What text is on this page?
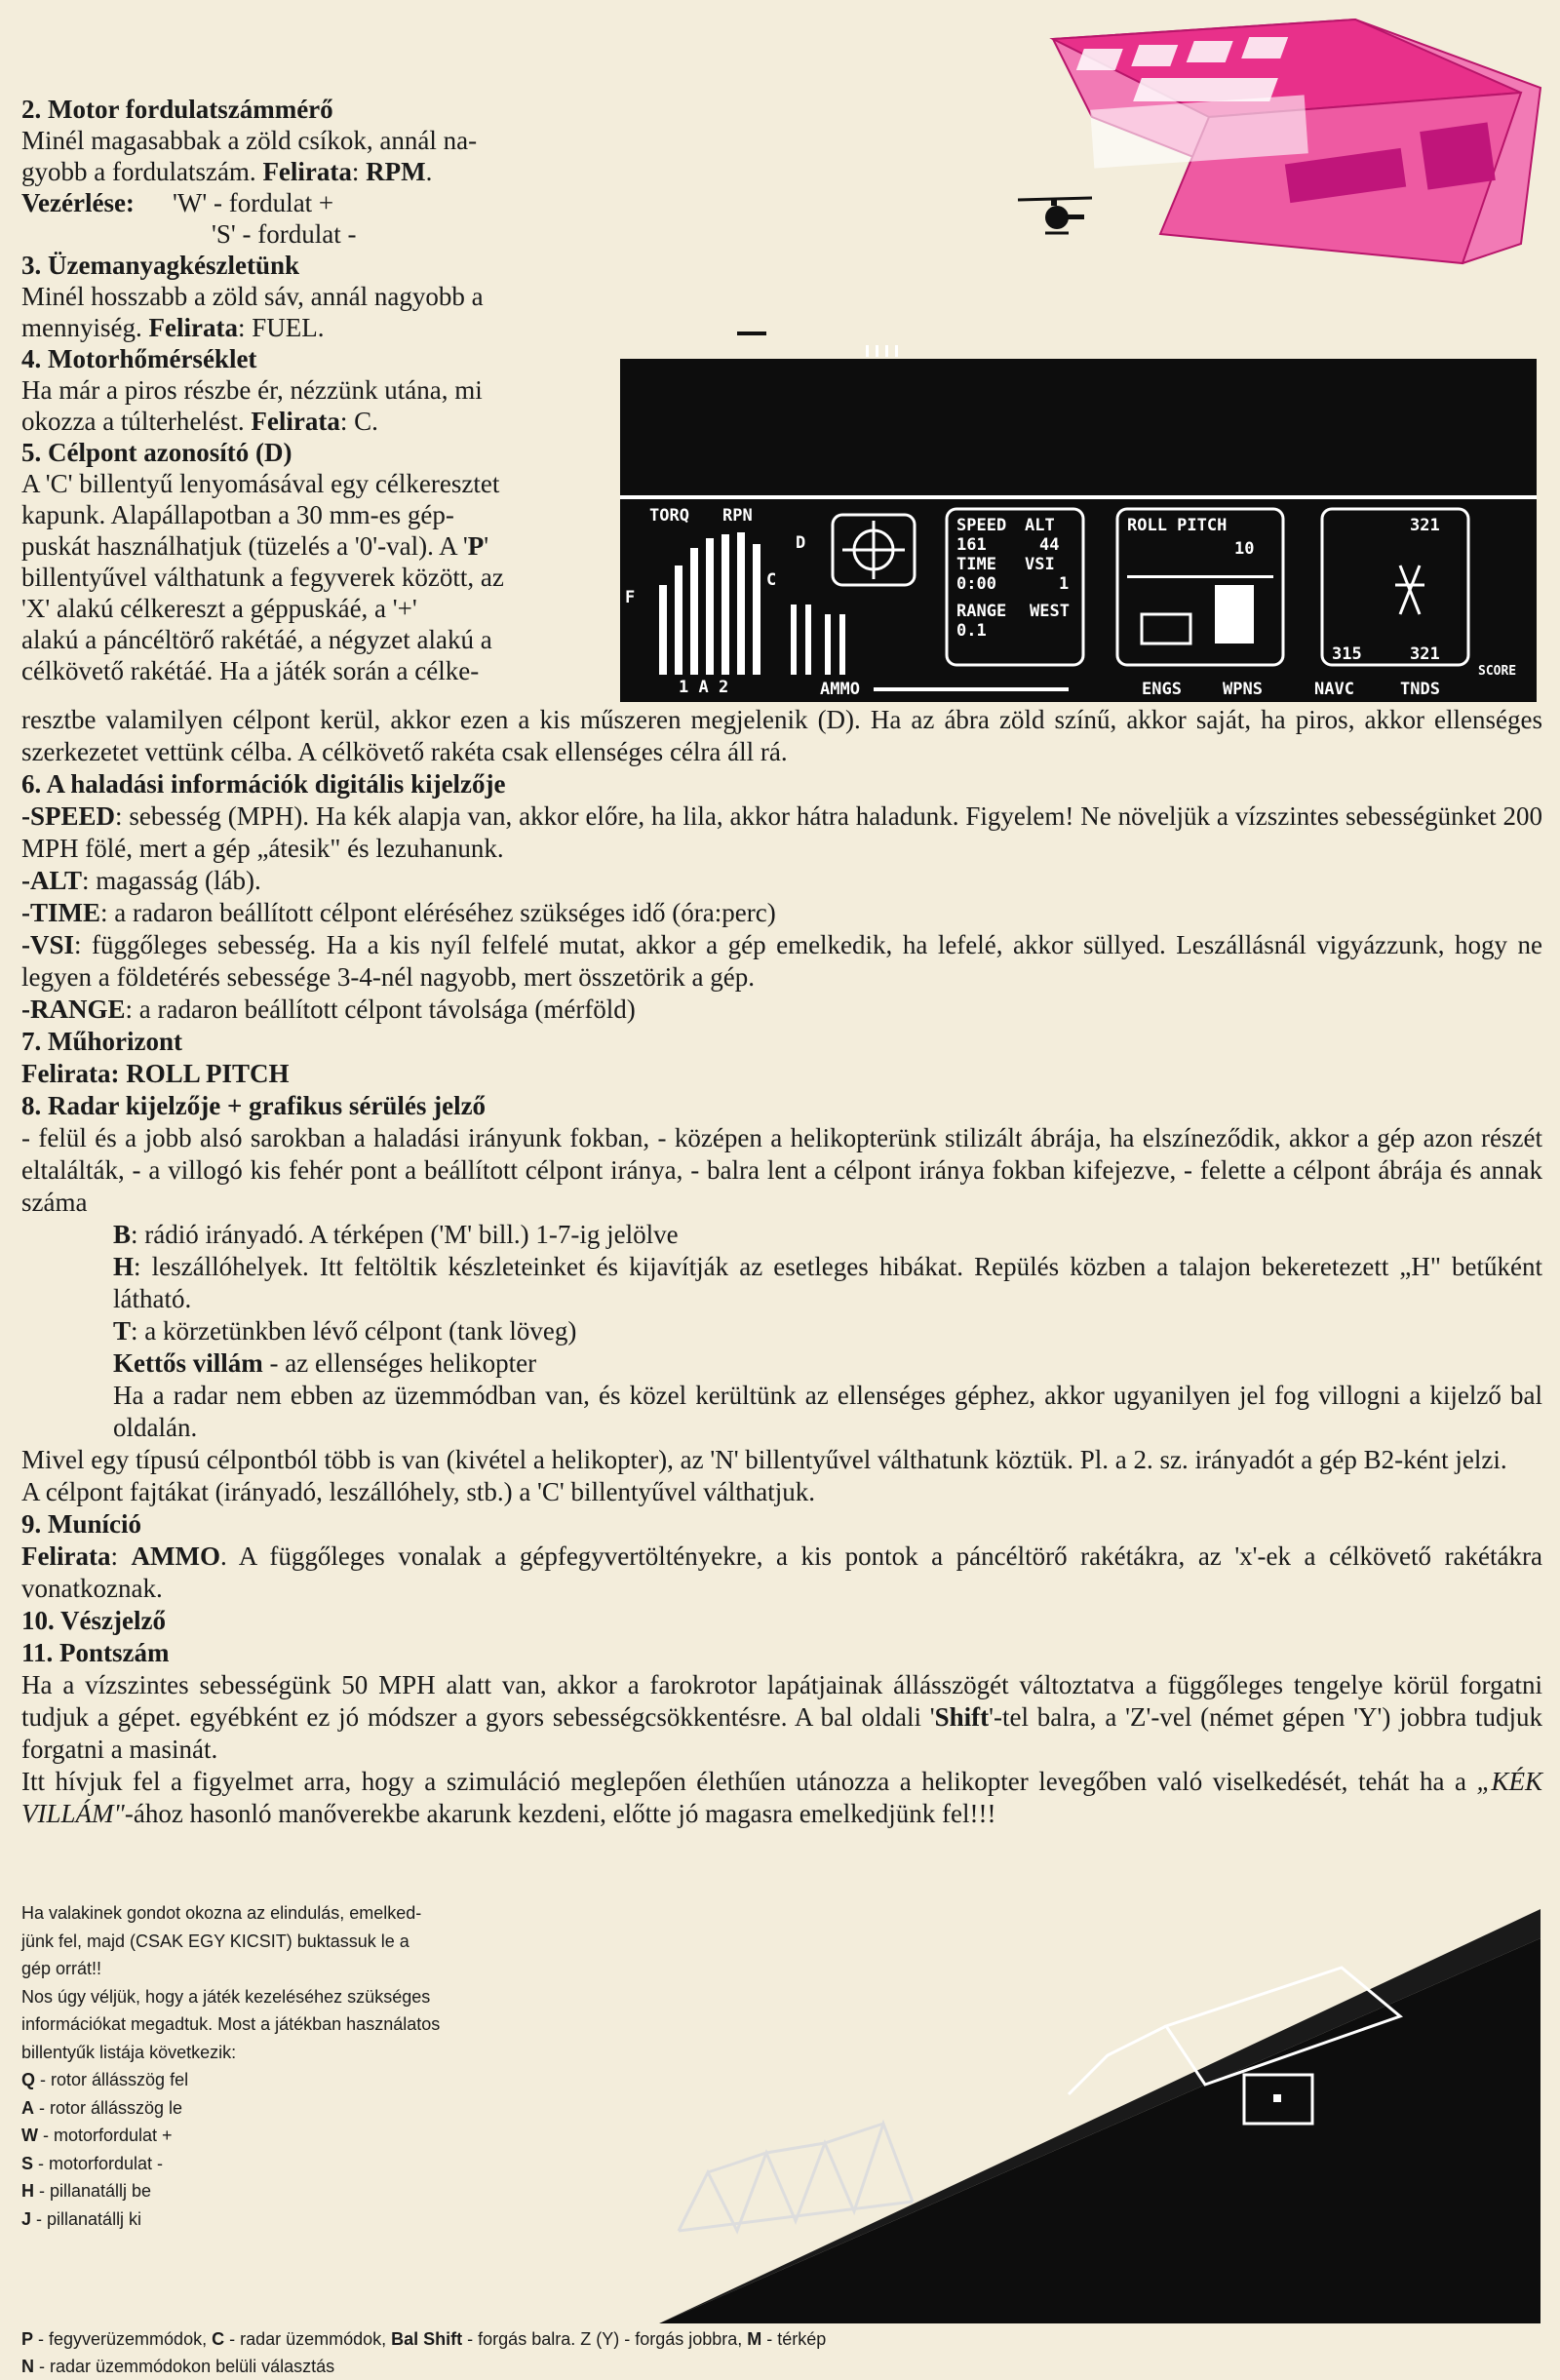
2. Motor fordulatszámmérő

Minél magasabbak a zöld csíkok, annál na-

gyobb a fordulatszám. Felirata: RPM.

Vezérlése: 'W' - fordulat +

'S' - fordulat -

3. Üzemanyagkészletünk

Minél hosszabb a zöld sáv, annál nagyobb a

mennyiség. Felirata: FUEL.

4. Motorhőmérséklet

Ha már a piros részbe ér, nézzünk utána, mi

okozza a túlterhelést. Felirata: C.

5. Célpont azonosító (D)

A 'C' billentyű lenyomásával egy célkeresztet

kapunk. Alapállapotban a 30 mm-es gép-

puskát használhatjuk (tüzelés a '0'-val). A 'P'

billentyűvel válthatunk a fegyverek között, az

'X' alakú célkereszt a géppuskáé, a '+'

alakú a páncéltörő rakétáé, a négyzet alakú a

célkövető rakétáé. Ha a játék során a célke-

TORQ RPN
F
C
D
1 A 2
SPEED ALT
161	44
TIME VSI
0:00	1
RANGE WEST
0.1
ROLL PITCH
10
321
315	321
SCORE
AMMO	ENGS WPNS	NAVC	TNDS

resztbe valamilyen célpont kerül, akkor ezen a kis műszeren megjelenik (D). Ha az ábra zöld színű, akkor saját, ha piros, akkor ellenséges szerkezetet vettünk célba. A célkövető rakéta csak ellenséges célra áll rá.

6. A haladási információk digitális kijelzője

-SPEED: sebesség (MPH). Ha kék alapja van, akkor előre, ha lila, akkor hátra haladunk. Figyelem! Ne növeljük a vízszintes sebességünket 200 MPH fölé, mert a gép „átesik" és lezuhanunk.

-ALT: magasság (láb).

-TIME: a radaron beállított célpont eléréséhez szükséges idő (óra:perc)

-VSI: függőleges sebesség. Ha a kis nyíl felfelé mutat, akkor a gép emelkedik, ha lefelé, akkor süllyed. Leszállásnál vigyázzunk, hogy ne legyen a földetérés sebessége 3-4-nél nagyobb, mert összetörik a gép.

-RANGE: a radaron beállított célpont távolsága (mérföld)

7. Műhorizont

Felirata: ROLL PITCH

8. Radar kijelzője + grafikus sérülés jelző

- felül és a jobb alsó sarokban a haladási irányunk fokban, - középen a helikopterünk stilizált ábrája, ha elszíneződik, akkor a gép azon részét eltalálták, - a villogó kis fehér pont a beállított célpont iránya, - balra lent a célpont iránya fokban kifejezve, - felette a célpont ábrája és annak száma

B: rádió irányadó. A térképen ('M' bill.) 1-7-ig jelölve

H: leszállóhelyek. Itt feltöltik készleteinket és kijavítják az esetleges hibákat. Repülés közben a talajon bekeretezett „H" betűként látható.

T: a körzetünkben lévő célpont (tank löveg)

Kettős villám - az ellenséges helikopter

Ha a radar nem ebben az üzemmódban van, és közel kerültünk az ellenséges géphez, akkor ugyanilyen jel fog villogni a kijelző bal oldalán.

Mivel egy típusú célpontból több is van (kivétel a helikopter), az 'N' billentyűvel válthatunk köztük. Pl. a 2. sz. irányadót a gép B2-ként jelzi.

A célpont fajtákat (irányadó, leszállóhely, stb.) a 'C' billentyűvel válthatjuk.

9. Muníció

Felirata: AMMO. A függőleges vonalak a gépfegyvertöltényekre, a kis pontok a páncéltörő rakétákra, az 'x'-ek a célkövető rakétákra vonatkoznak.

10. Vészjelző

11. Pontszám

Ha a vízszintes sebességünk 50 MPH alatt van, akkor a farokrotor lapátjainak állásszögét változtatva a függőleges tengelye körül forgatni tudjuk a gépet. egyébként ez jó módszer a gyors sebességcsökkentésre. A bal oldali 'Shift'-tel balra, a 'Z'-vel (német gépen 'Y') jobbra tudjuk forgatni a masinát.

Itt hívjuk fel a figyelmet arra, hogy a szimuláció meglepően élethűen utánozza a helikopter levegőben való viselkedését, tehát ha a „KÉK VILLÁM"-ához hasonló manőverekbe akarunk kezdeni, előtte jó magasra emelkedjünk fel!!!

Ha valakinek gondot okozna az elindulás, emelked-

jünk fel, majd (CSAK EGY KICSIT) buktassuk le a

gép orrát!!

Nos úgy véljük, hogy a játék kezeléséhez szükséges

információkat megadtuk. Most a játékban használatos

billentyűk listája következik:

Q - rotor állásszög fel

A - rotor állásszög le

W - motorfordulat +

S - motorfordulat -

H - pillanatállj be

J - pillanatállj ki

P - fegyverüzemmódok, C - radar üzemmódok, Bal Shift - forgás balra. Z (Y) - forgás jobbra, M - térkép

N - radar üzemmódokon belüli választás
